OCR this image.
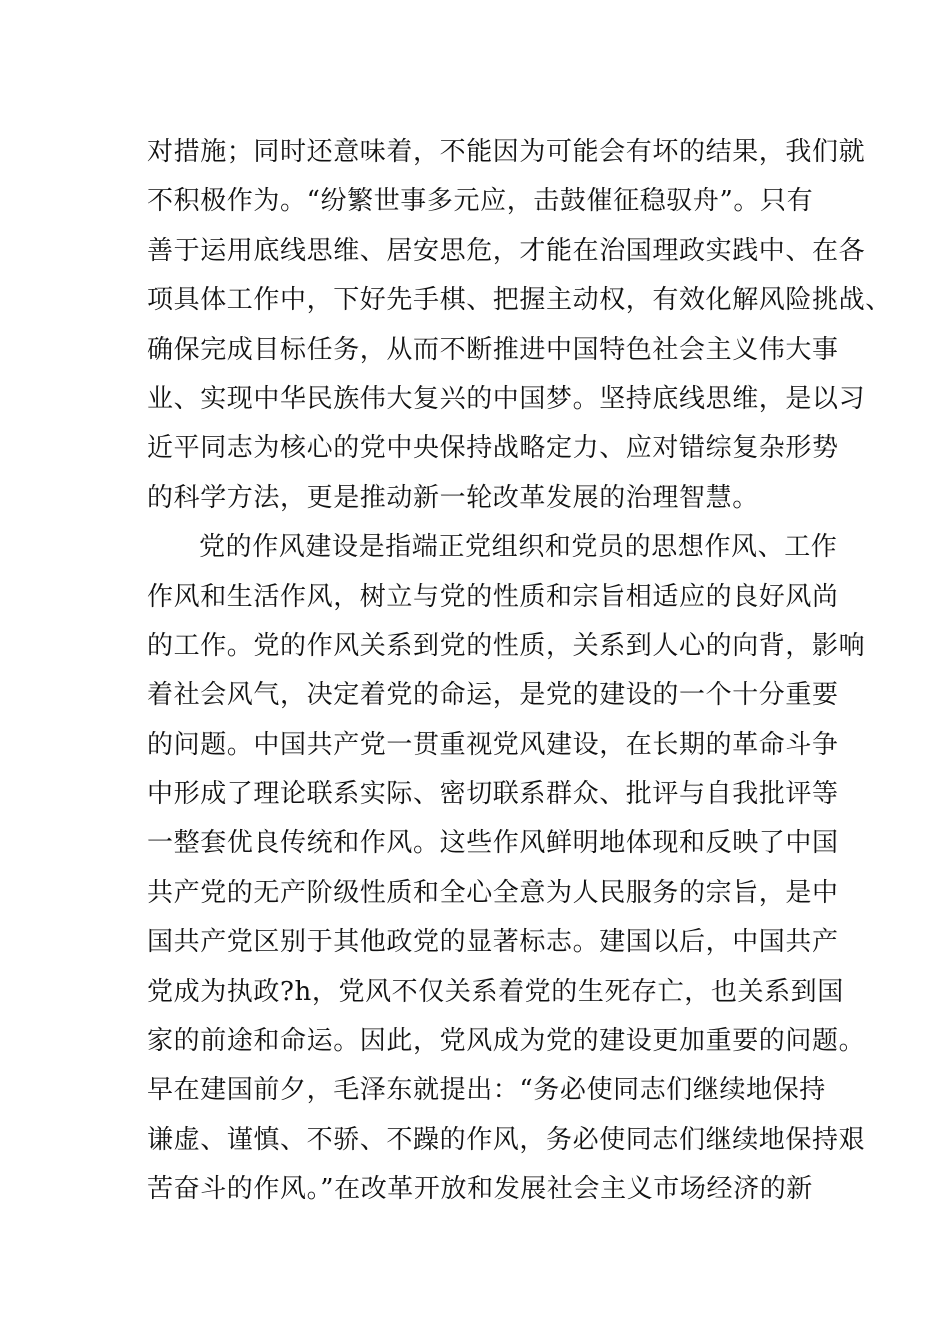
对措施；同时还意味着，不能因为可能会有坏的结果，我们就
不积极作为。“纷繁世事多元应，击鼓催征稳驭舟”。只有
善于运用底线思维、居安思危，才能在治国理政实践中、在各
项具体工作中，下好先手棋、把握主动权，有效化解风险挑战、
确保完成目标任务，从而不断推进中国特色社会主义伟大事
业、实现中华民族伟大复兴的中国梦。坚持底线思维，是以习
近平同志为核心的党中央保持战略定力、应对错综复杂形势
的科学方法，更是推动新一轮改革发展的治理智慧。
党的作风建设是指端正党组织和党员的思想作风、工作
作风和生活作风，树立与党的性质和宗旨相适应的良好风尚
的工作。党的作风关系到党的性质，关系到人心的向背，影响
着社会风气，决定着党的命运，是党的建设的一个十分重要
的问题。中国共产党一贯重视党风建设，在长期的革命斗争
中形成了理论联系实际、密切联系群众、批评与自我批评等
一整套优良传统和作风。这些作风鲜明地体现和反映了中国
共产党的无产阶级性质和全心全意为人民服务的宗旨，是中
国共产党区别于其他政党的显著标志。建国以后，中国共产
党成为执政?h，党风不仅关系着党的生死存亡，也关系到国
家的前途和命运。因此，党风成为党的建设更加重要的问题。
早在建国前夕，毛泽东就提出：“务必使同志们继续地保持
谦虚、谨慎、不骄、不躁的作风，务必使同志们继续地保持艰
苦奋斗的作风。”在改革开放和发展社会主义市场经济的新
